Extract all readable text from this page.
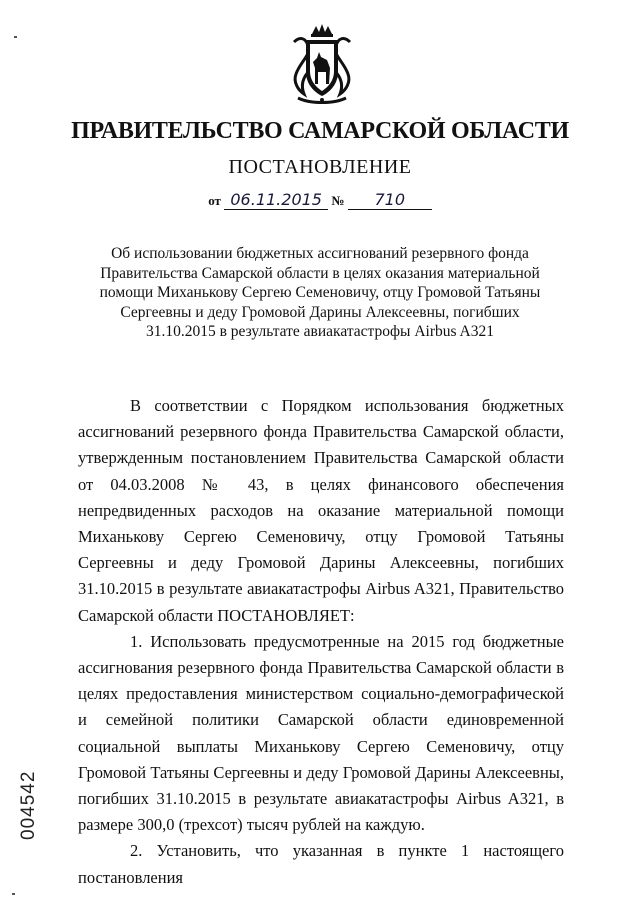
ПРАВИТЕЛЬСТВО САМАРСКОЙ ОБЛАСТИ
ПОСТАНОВЛЕНИЕ
от 06.11.2015 № 710
Об использовании бюджетных ассигнований резервного фонда Правительства Самарской области в целях оказания материальной помощи Миханькову Сергею Семеновичу, отцу Громовой Татьяны Сергеевны и деду Громовой Дарины Алексеевны, погибших 31.10.2015 в результате авиакатастрофы Airbus A321

В соответствии с Порядком использования бюджетных ассигнований резервного фонда Правительства Самарской области, утвержденным постановлением Правительства Самарской области от 04.03.2008 № 43, в целях финансового обеспечения непредвиденных расходов на оказание материальной помощи Миханькову Сергею Семеновичу, отцу Громовой Татьяны Сергеевны и деду Громовой Дарины Алексеевны, погибших 31.10.2015 в результате авиакатастрофы Airbus A321, Правительство Самарской области ПОСТАНОВЛЯЕТ:

1. Использовать предусмотренные на 2015 год бюджетные ассигнования резервного фонда Правительства Самарской области в целях предоставления министерством социально-демографической и семейной политики Самарской области единовременной социальной выплаты Миханькову Сергею Семеновичу, отцу Громовой Татьяны Сергеевны и деду Громовой Дарины Алексеевны, погибших 31.10.2015 в результате авиакатастрофы Airbus A321, в размере 300,0 (трехсот) тысяч рублей на каждую.

2. Установить, что указанная в пункте 1 настоящего постановления

004542
